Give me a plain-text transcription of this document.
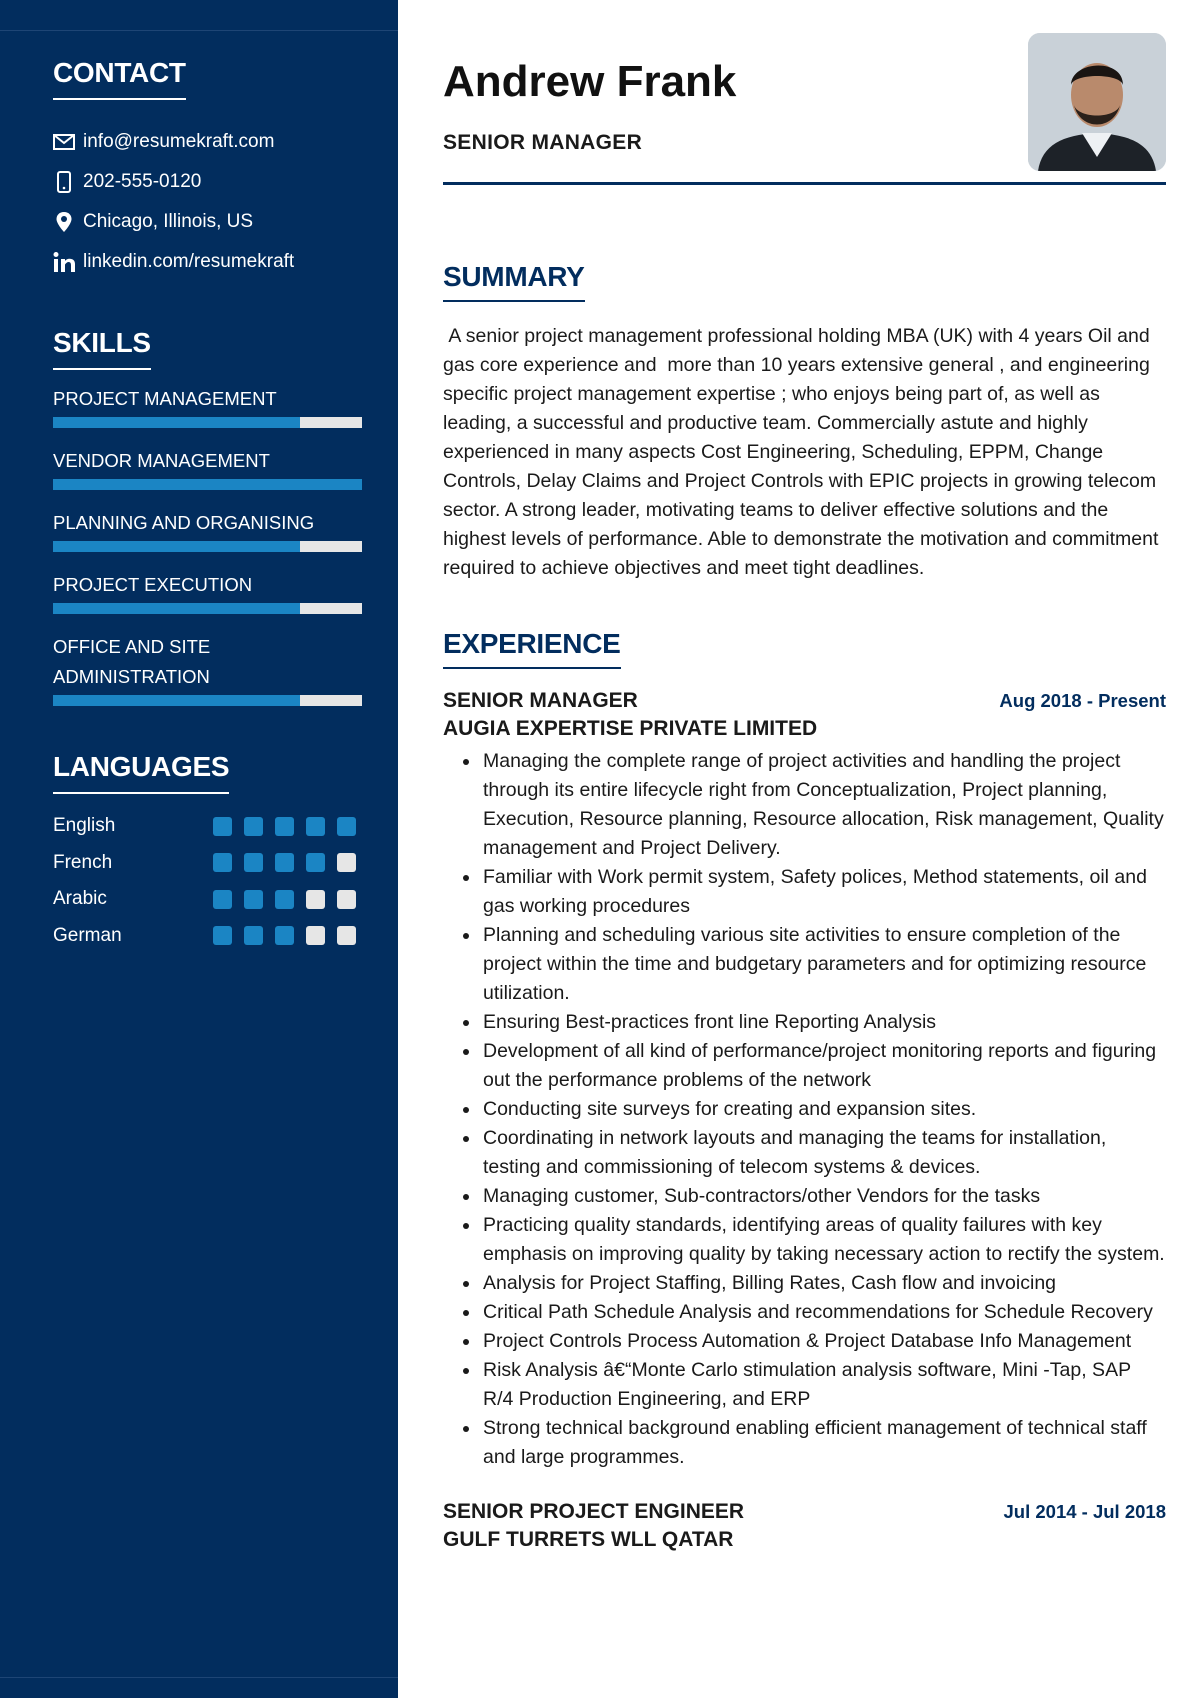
CONTACT
info@resumekraft.com
202-555-0120
Chicago, Illinois, US
linkedin.com/resumekraft
SKILLS
PROJECT MANAGEMENT
VENDOR MANAGEMENT
PLANNING AND ORGANISING
PROJECT EXECUTION
OFFICE AND SITE ADMINISTRATION
LANGUAGES
English
French
Arabic
German
Andrew Frank
SENIOR MANAGER
SUMMARY
A senior project management professional holding MBA (UK) with 4 years Oil and gas core experience and  more than 10 years extensive general , and engineering specific project management expertise ; who enjoys being part of, as well as leading, a successful and productive team. Commercially astute and highly experienced in many aspects Cost Engineering, Scheduling, EPPM, Change Controls, Delay Claims and Project Controls with EPIC projects in growing telecom sector. A strong leader, motivating teams to deliver effective solutions and the highest levels of performance. Able to demonstrate the motivation and commitment required to achieve objectives and meet tight deadlines.
EXPERIENCE
SENIOR MANAGER	Aug 2018 - Present
AUGIA EXPERTISE PRIVATE LIMITED
• Managing the complete range of project activities and handling the project through its entire lifecycle right from Conceptualization, Project planning, Execution, Resource planning, Resource allocation, Risk management, Quality management and Project Delivery.
• Familiar with Work permit system, Safety polices, Method statements, oil and gas working procedures
• Planning and scheduling various site activities to ensure completion of the project within the time and budgetary parameters and for optimizing resource utilization.
• Ensuring Best-practices front line Reporting Analysis
• Development of all kind of performance/project monitoring reports and figuring out the performance problems of the network
• Conducting site surveys for creating and expansion sites.
• Coordinating in network layouts and managing the teams for installation, testing and commissioning of telecom systems & devices.
• Managing customer, Sub-contractors/other Vendors for the tasks
• Practicing quality standards, identifying areas of quality failures with key emphasis on improving quality by taking necessary action to rectify the system.
• Analysis for Project Staffing, Billing Rates, Cash flow and invoicing
• Critical Path Schedule Analysis and recommendations for Schedule Recovery
• Project Controls Process Automation & Project Database Info Management
• Risk Analysis â€“Monte Carlo stimulation analysis software, Mini -Tap, SAP R/4 Production Engineering, and ERP
• Strong technical background enabling efficient management of technical staff and large programmes.
SENIOR PROJECT ENGINEER	Jul 2014 - Jul 2018
GULF TURRETS WLL QATAR
